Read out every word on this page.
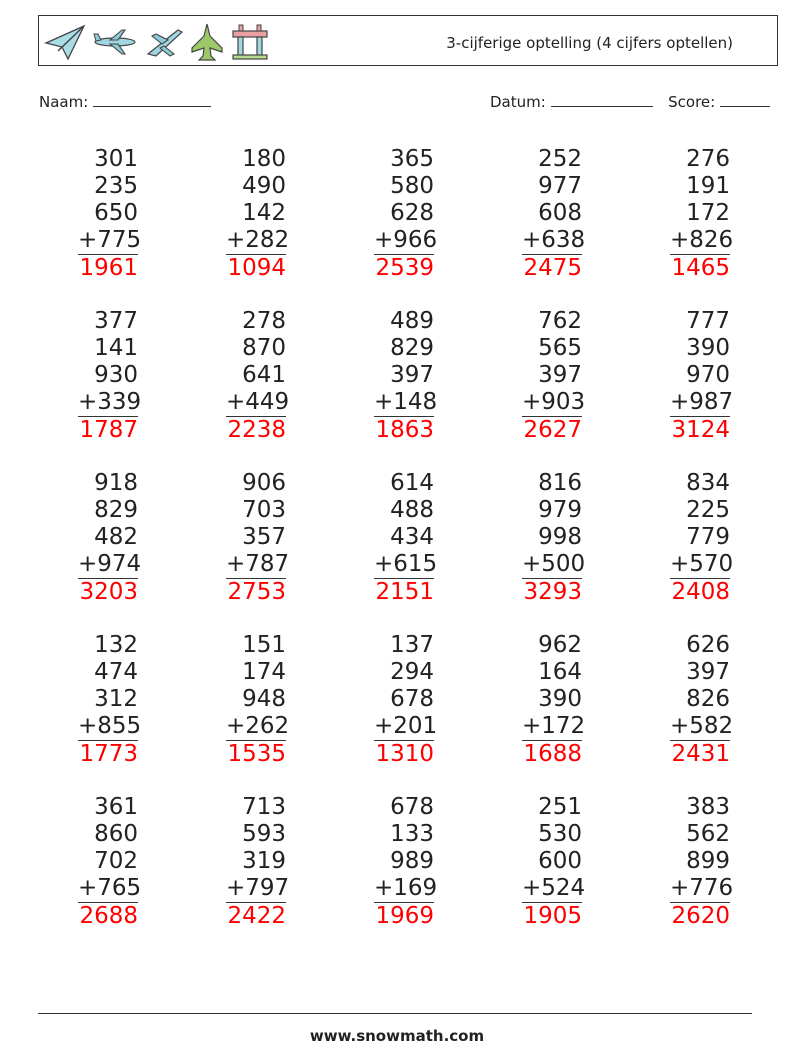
3-cijferige optelling (4 cijfers optellen)
Naam:	Datum:	Score:
301
235
650
+775
1961
180
490
142
+282
1094
365
580
628
+966
2539
252
977
608
+638
2475
276
191
172
+826
1465
377
141
930
+339
1787
278
870
641
+449
2238
489
829
397
+148
1863
762
565
397
+903
2627
777
390
970
+987
3124
918
829
482
+974
3203
906
703
357
+787
2753
614
488
434
+615
2151
816
979
998
+500
3293
834
225
779
+570
2408
132
474
312
+855
1773
151
174
948
+262
1535
137
294
678
+201
1310
962
164
390
+172
1688
626
397
826
+582
2431
361
860
702
+765
2688
713
593
319
+797
2422
678
133
989
+169
1969
251
530
600
+524
1905
383
562
899
+776
2620
www.snowmath.com
